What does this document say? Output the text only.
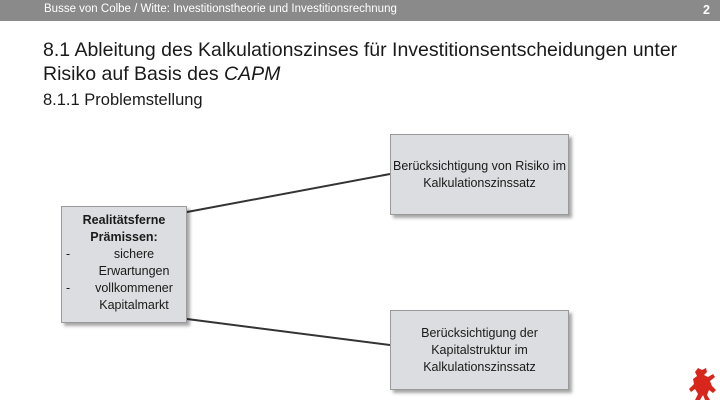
Busse von Colbe / Witte: Investitionstheorie und Investitionsrechnung	2
8.1 Ableitung des Kalkulationszinses für Investitionsentscheidungen unter Risiko auf Basis des CAPM
8.1.1 Problemstellung
Berücksichtigung von Risiko im Kalkulationszinssatz
Berücksichtigung der Kapitalstruktur im Kalkulationszinssatz
Realitätsferne Prämissen:
-	sichere Erwartungen
-	vollkommener Kapitalmarkt
